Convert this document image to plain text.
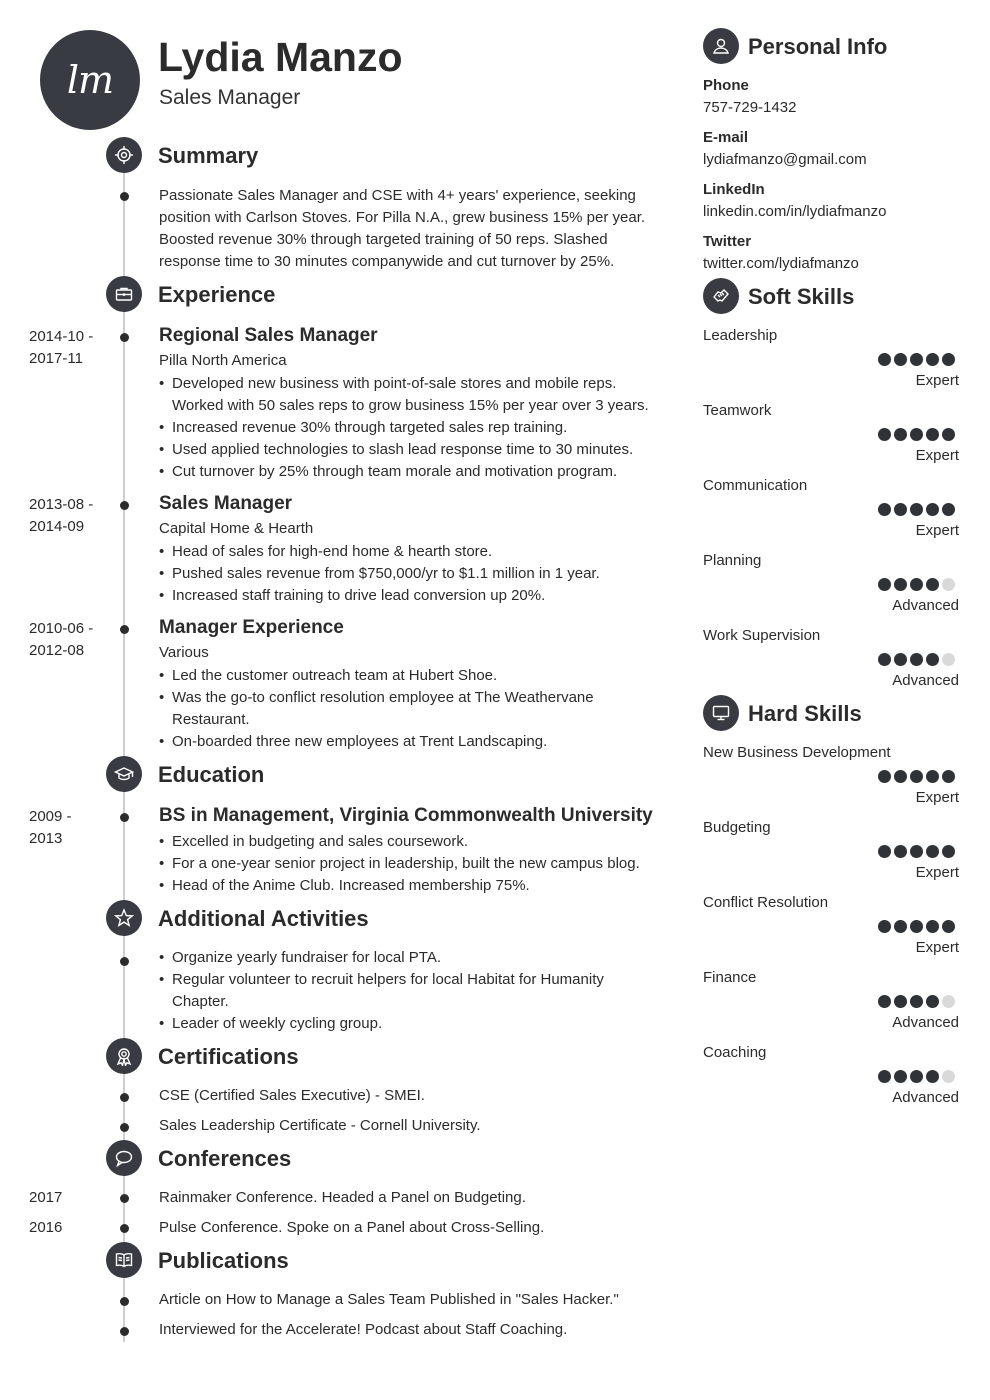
lm	Lydia Manzo
Sales Manager
Summary
Passionate Sales Manager and CSE with 4+ years' experience, seeking
position with Carlson Stoves. For Pilla N.A., grew business 15% per year.
Boosted revenue 30% through targeted training of 50 reps. Slashed
response time to 30 minutes companywide and cut turnover by 25%.
Experience
2014-10 -
2017-11
Regional Sales Manager
Pilla North America
• Developed new business with point-of-sale stores and mobile reps.
Worked with 50 sales reps to grow business 15% per year over 3 years.
• Increased revenue 30% through targeted sales rep training.
• Used applied technologies to slash lead response time to 30 minutes.
• Cut turnover by 25% through team morale and motivation program.
2013-08 -
2014-09
Sales Manager
Capital Home & Hearth
• Head of sales for high-end home & hearth store.
• Pushed sales revenue from $750,000/yr to $1.1 million in 1 year.
• Increased staff training to drive lead conversion up 20%.
2010-06 -
2012-08
Manager Experience
Various
• Led the customer outreach team at Hubert Shoe.
• Was the go-to conflict resolution employee at The Weathervane
Restaurant.
• On-boarded three new employees at Trent Landscaping.
Education
2009 -
2013
BS in Management, Virginia Commonwealth University
• Excelled in budgeting and sales coursework.
• For a one-year senior project in leadership, built the new campus blog.
• Head of the Anime Club. Increased membership 75%.
Additional Activities
• Organize yearly fundraiser for local PTA.
• Regular volunteer to recruit helpers for local Habitat for Humanity
Chapter.
• Leader of weekly cycling group.
Certifications
CSE (Certified Sales Executive) - SMEI.
Sales Leadership Certificate - Cornell University.
Conferences
2017	Rainmaker Conference. Headed a Panel on Budgeting.
2016	Pulse Conference. Spoke on a Panel about Cross-Selling.
Publications
Article on How to Manage a Sales Team Published in "Sales Hacker."
Interviewed for the Accelerate! Podcast about Staff Coaching.
Personal Info
Phone
757-729-1432
E-mail
lydiafmanzo@gmail.com
LinkedIn
linkedin.com/in/lydiafmanzo
Twitter
twitter.com/lydiafmanzo
Soft Skills
Leadership
Expert
Teamwork
Expert
Communication
Expert
Planning
Advanced
Work Supervision
Advanced
Hard Skills
New Business Development
Expert
Budgeting
Expert
Conflict Resolution
Expert
Finance
Advanced
Coaching
Advanced
